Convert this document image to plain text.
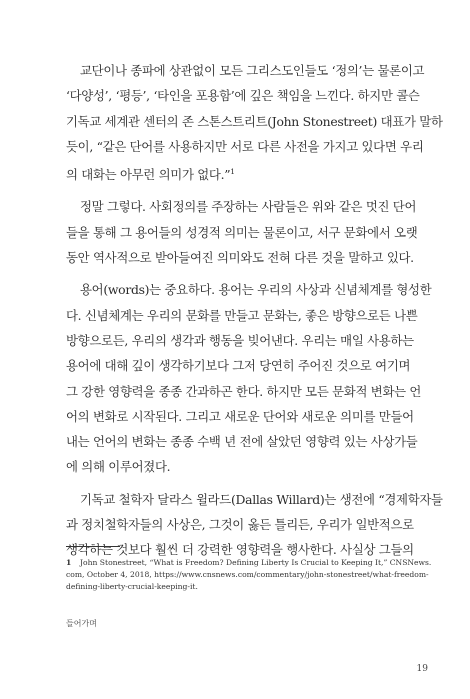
교단이나 종파에 상관없이 모든 그리스도인들도 ‘정의’는 물론이고
‘다양성’, ‘평등’, ‘타인을 포용함’에 깊은 책임을 느낀다. 하지만 콜슨
기독교 세계관 센터의 존 스톤스트리트(John Stonestreet) 대표가 말하
듯이, “같은 단어를 사용하지만 서로 다른 사전을 가지고 있다면 우리
의 대화는 아무런 의미가 없다.”$^1$

정말 그렇다. 사회정의를 주장하는 사람들은 위와 같은 멋진 단어
들을 통해 그 용어들의 성경적 의미는 물론이고, 서구 문화에서 오랫
동안 역사적으로 받아들여진 의미와도 전혀 다른 것을 말하고 있다.

용어(words)는 중요하다. 용어는 우리의 사상과 신념체계를 형성한
다. 신념체계는 우리의 문화를 만들고 문화는, 좋은 방향으로든 나쁜
방향으로든, 우리의 생각과 행동을 빚어낸다. 우리는 매일 사용하는
용어에 대해 깊이 생각하기보다 그저 당연히 주어진 것으로 여기며
그 강한 영향력을 종종 간과하곤 한다. 하지만 모든 문화적 변화는 언
어의 변화로 시작된다. 그리고 새로운 단어와 새로운 의미를 만들어
내는 언어의 변화는 종종 수백 년 전에 살았던 영향력 있는 사상가들
에 의해 이루어졌다.

기독교 철학자 달라스 윌라드(Dallas Willard)는 생전에 “경제학자들
과 정치철학자들의 사상은, 그것이 옳든 틀리든, 우리가 일반적으로
생각하는 것보다 훨씬 더 강력한 영향력을 행사한다. 사실상 그들의

1 John Stonestreet, “What is Freedom? Defining Liberty Is Crucial to Keeping It,” CNSNews.
com, October 4, 2018, https://www.cnsnews.com/commentary/john-stonestreet/what-freedom-
defining-liberty-crucial-keeping-it.
들어가며
19
